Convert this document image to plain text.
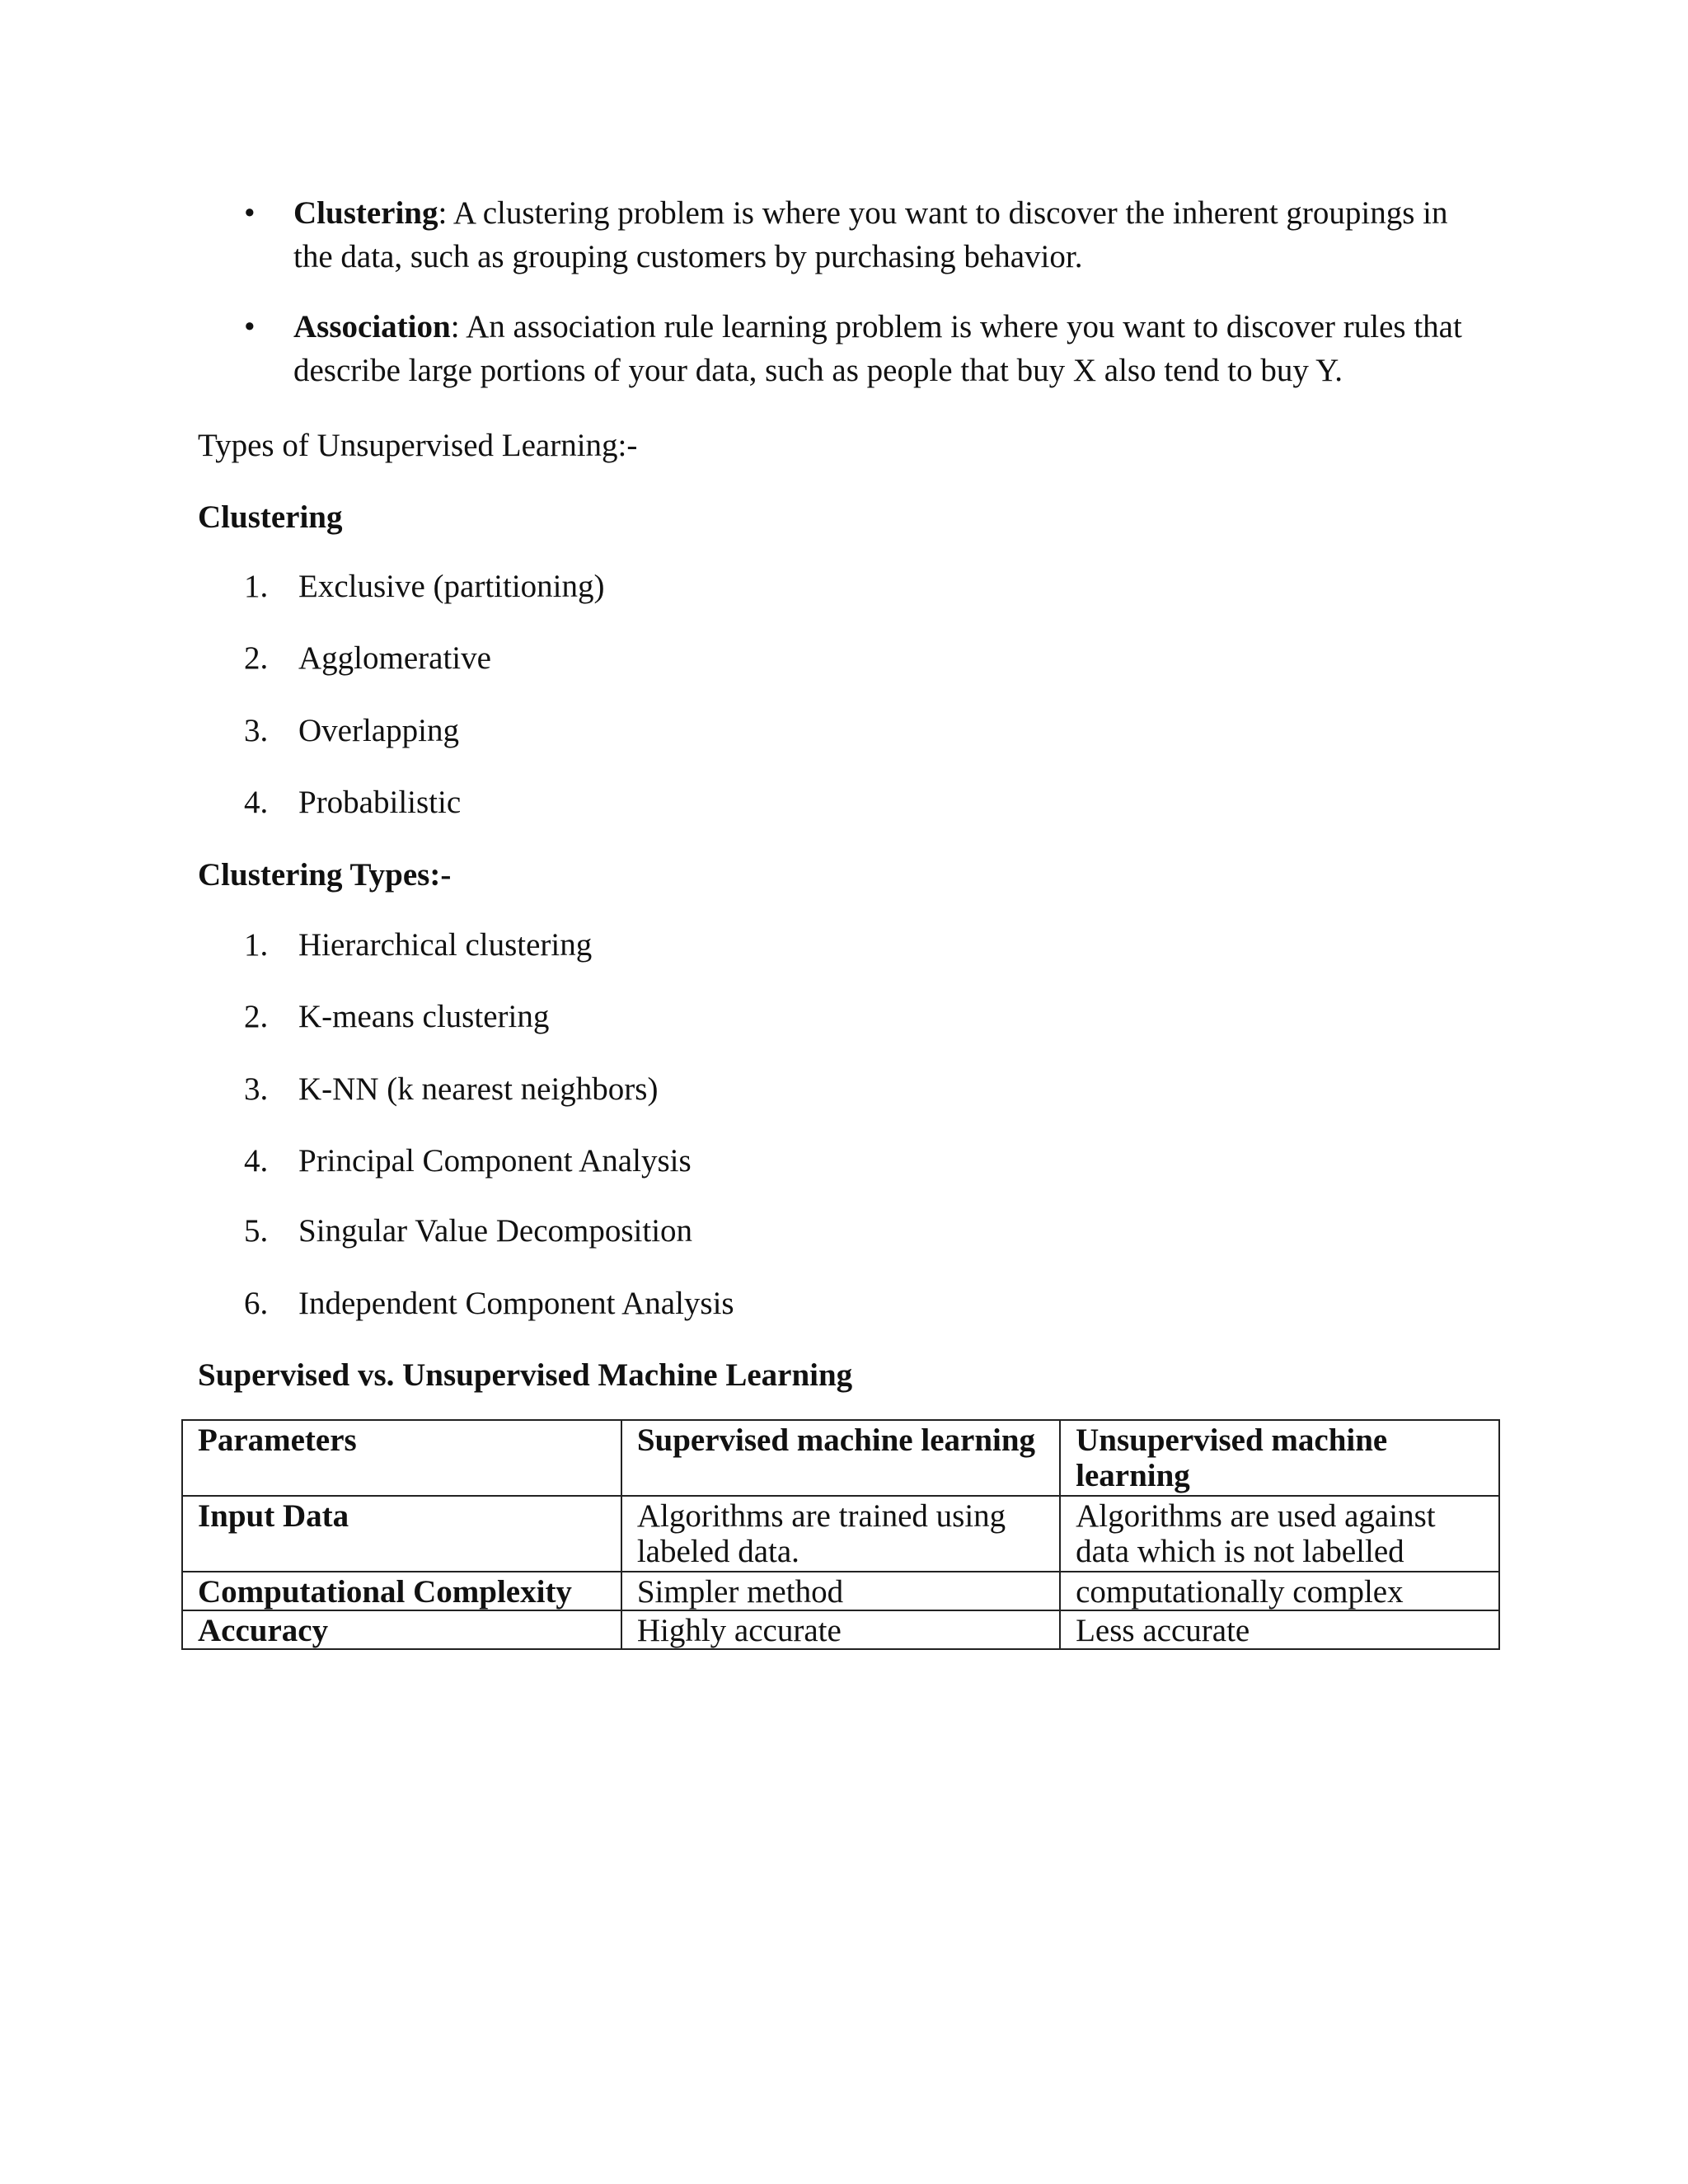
•	Clustering: A clustering problem is where you want to discover the inherent groupings in the data, such as grouping customers by purchasing behavior.
•	Association: An association rule learning problem is where you want to discover rules that describe large portions of your data, such as people that buy X also tend to buy Y.
Types of Unsupervised Learning:-
Clustering
1. Exclusive (partitioning)
2. Agglomerative
3. Overlapping
4. Probabilistic
Clustering Types:-
1. Hierarchical clustering
2. K-means clustering
3. K-NN (k nearest neighbors)
4. Principal Component Analysis
5. Singular Value Decomposition
6. Independent Component Analysis
Supervised vs. Unsupervised Machine Learning
Parameters	Supervised machine learning	Unsupervised machine learning
Input Data	Algorithms are trained using labeled data.	Algorithms are used against data which is not labelled
Computational Complexity	Simpler method	computationally complex
Accuracy	Highly accurate	Less accurate
